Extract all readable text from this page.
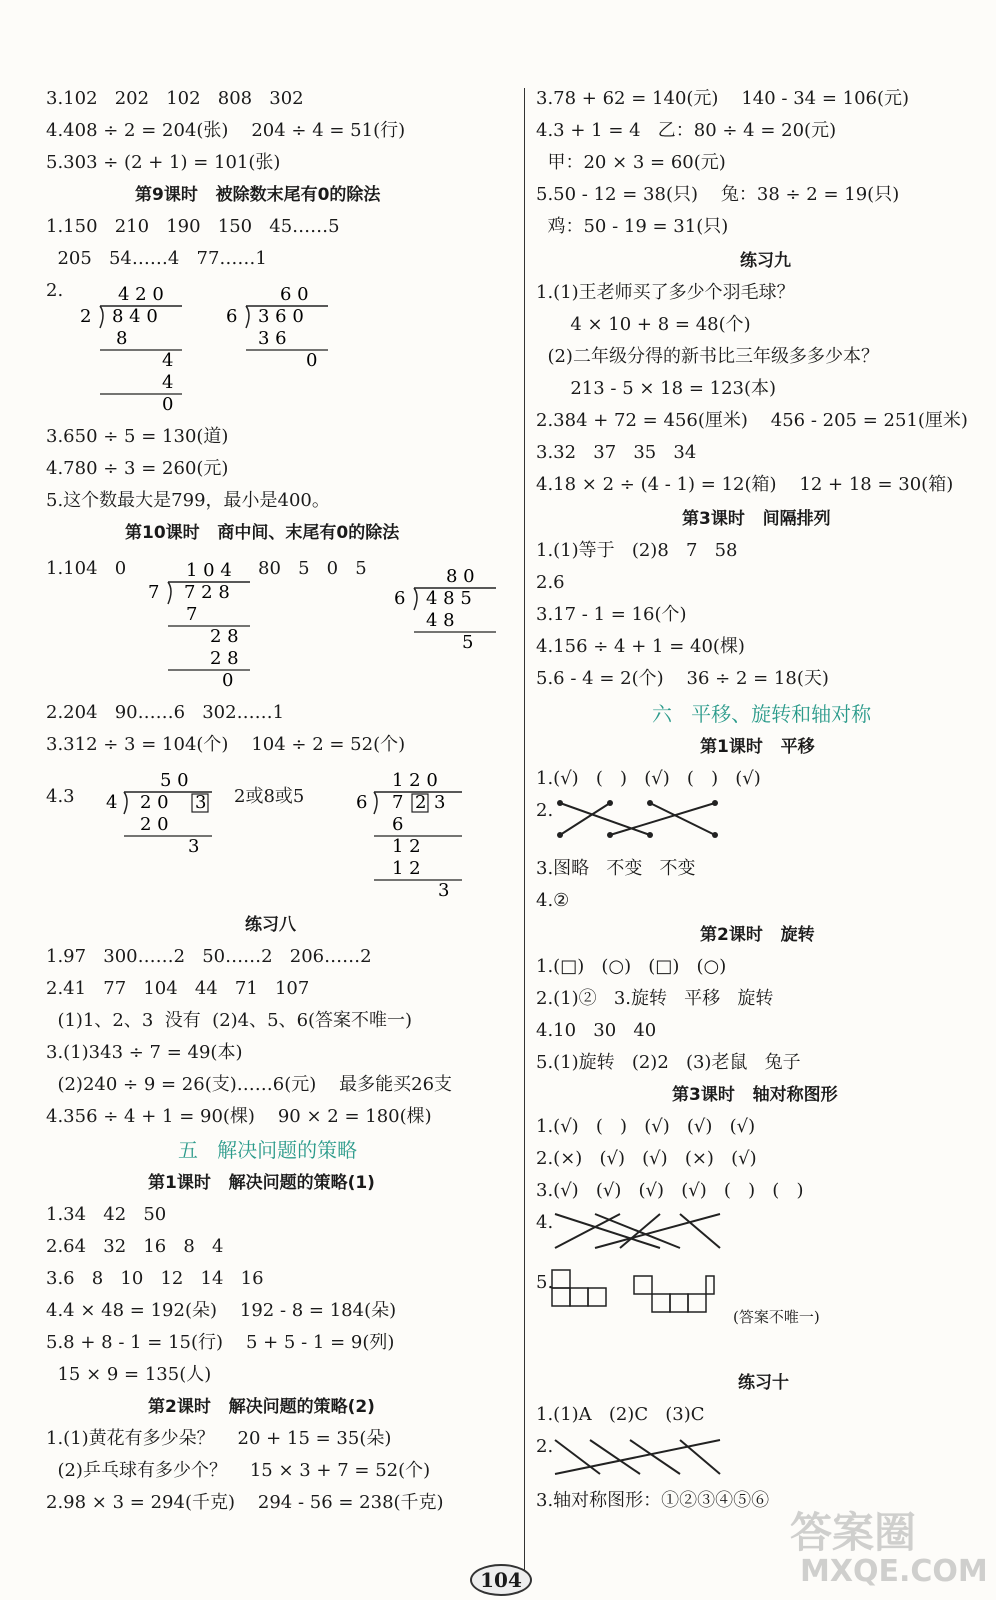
3.102   202   102   808   302
4.408 ÷ 2 = 204(张)    204 ÷ 4 = 51(行)
5.303 ÷ (2 + 1) = 101(张)
第9课时   被除数末尾有0的除法
1.150   210   190   150   45……5
205   54……4   77……1
2.	4 2 0
2 8 4 0
8
4
4
0
6 0
6 3 6 0
3 6
0
3.650 ÷ 5 = 130(道)
4.780 ÷ 3 = 260(元)
5.这个数最大是799，最小是400。
第10课时   商中间、末尾有0的除法
1.104   0	80   5   0   5
1 0 4
7 7 2 8
7
2 8
2 8
0
8 0
6 4 8 5
4 8
5
2.204   90……6   302……1
3.312 ÷ 3 = 104(个)    104 ÷ 2 = 52(个)
4.3
5 0
4 2 0 3
2 0
3
2或8或5
1 2 0
6 7 2 3
6
1 2
1 2
3
练习八
1.97   300……2   50……2   206……2
2.41   77   104   44   71   107
(1)1、2、3  没有  (2)4、5、6(答案不唯一)
3.(1)343 ÷ 7 = 49(本)
(2)240 ÷ 9 = 26(支)……6(元)    最多能买26支
4.356 ÷ 4 + 1 = 90(棵)    90 × 2 = 180(棵)
五   解决问题的策略
第1课时   解决问题的策略(1)
1.34   42   50
2.64   32   16   8   4
3.6   8   10   12   14   16
4.4 × 48 = 192(朵)    192 - 8 = 184(朵)
5.8 + 8 - 1 = 15(行)    5 + 5 - 1 = 9(列)
15 × 9 = 135(人)
第2课时   解决问题的策略(2)
1.(1)黄花有多少朵？    20 + 15 = 35(朵)
(2)乒乓球有多少个？    15 × 3 + 7 = 52(个)
2.98 × 3 = 294(千克)    294 - 56 = 238(千克)
3.78 + 62 = 140(元)    140 - 34 = 106(元)
4.3 + 1 = 4   乙：80 ÷ 4 = 20(元)
甲：20 × 3 = 60(元)
5.50 - 12 = 38(只)    兔：38 ÷ 2 = 19(只)
鸡：50 - 19 = 31(只)
练习九
1.(1)王老师买了多少个羽毛球？
4 × 10 + 8 = 48(个)
(2)二年级分得的新书比三年级多多少本？
213 - 5 × 18 = 123(本)
2.384 + 72 = 456(厘米)    456 - 205 = 251(厘米)
3.32   37   35   34
4.18 × 2 ÷ (4 - 1) = 12(箱)    12 + 18 = 30(箱)
第3课时   间隔排列
1.(1)等于   (2)8   7   58
2.6
3.17 - 1 = 16(个)
4.156 ÷ 4 + 1 = 40(棵)
5.6 - 4 = 2(个)    36 ÷ 2 = 18(天)
六   平移、旋转和轴对称
第1课时   平移
1.(√)   (   )   (√)   (   )   (√)
2.
3.图略   不变   不变
4.②
第2课时   旋转
1.(□)   (○)   (□)   (○)
2.(1)②   3.旋转   平移   旋转
4.10   30   40
5.(1)旋转   (2)2   (3)老鼠   兔子
第3课时   轴对称图形
1.(√)   (   )   (√)   (√)   (√)
2.(×)   (√)   (√)   (×)   (√)
3.(√)   (√)   (√)   (√)   (   )   (   )
4.
5.
(答案不唯一)
练习十
1.(1)A   (2)C   (3)C
2.
3.轴对称图形：①②③④⑤⑥
104
答案圈
MXQE.COM
